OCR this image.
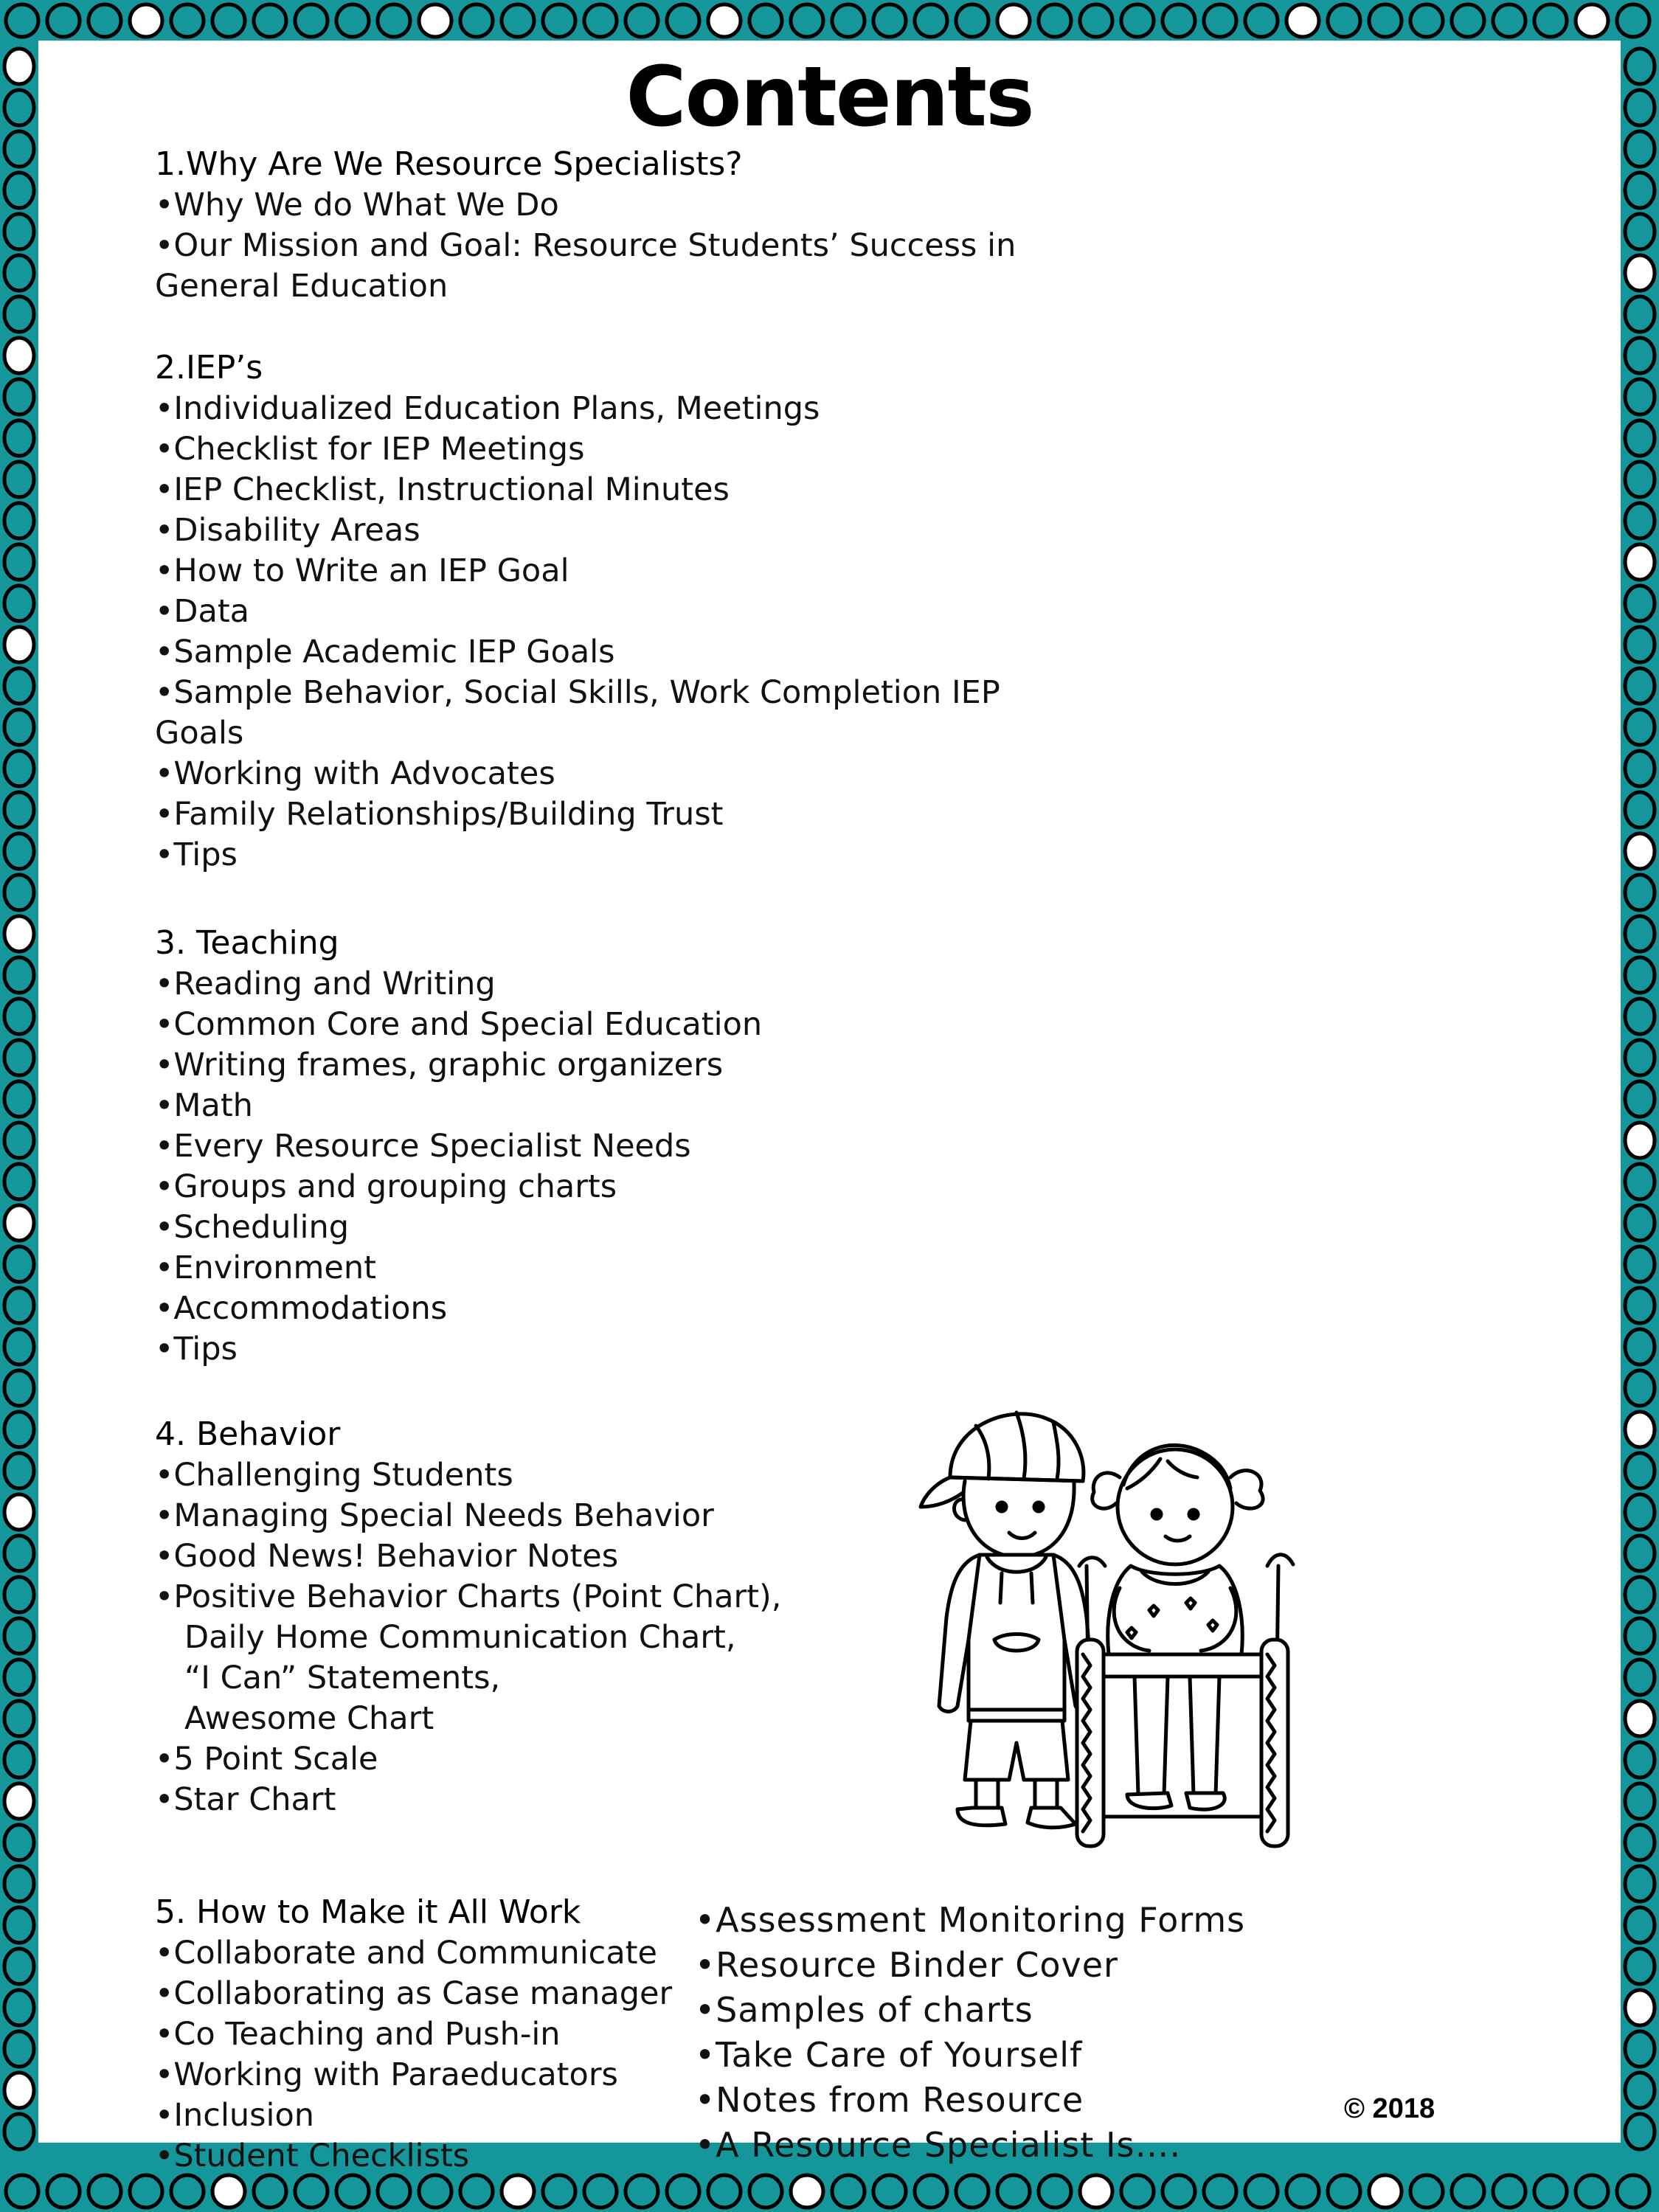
Contents
1.Why Are We Resource Specialists?
•Why We do What We Do
•Our Mission and Goal: Resource Students’ Success in
General Education
2.IEP’s
•Individualized Education Plans, Meetings
•Checklist for IEP Meetings
•IEP Checklist, Instructional Minutes
•Disability Areas
•How to Write an IEP Goal
•Data
•Sample Academic IEP Goals
•Sample Behavior, Social Skills, Work Completion IEP
Goals
•Working with Advocates
•Family Relationships/Building Trust
•Tips
3. Teaching
•Reading and Writing
•Common Core and Special Education
•Writing frames, graphic organizers
•Math
•Every Resource Specialist Needs
•Groups and grouping charts
•Scheduling
•Environment
•Accommodations
•Tips
4. Behavior
•Challenging Students
•Managing Special Needs Behavior
•Good News! Behavior Notes
•Positive Behavior Charts (Point Chart),
Daily Home Communication Chart,
“I Can” Statements,
Awesome Chart
•5 Point Scale
•Star Chart
5. How to Make it All Work
•Collaborate and Communicate
•Collaborating as Case manager
•Co Teaching and Push-in
•Working with Paraeducators
•Inclusion
•Student Checklists
•Assessment Monitoring Forms
•Resource Binder Cover
•Samples of charts
•Take Care of Yourself
•Notes from Resource
•A Resource Specialist Is….
© 2018
